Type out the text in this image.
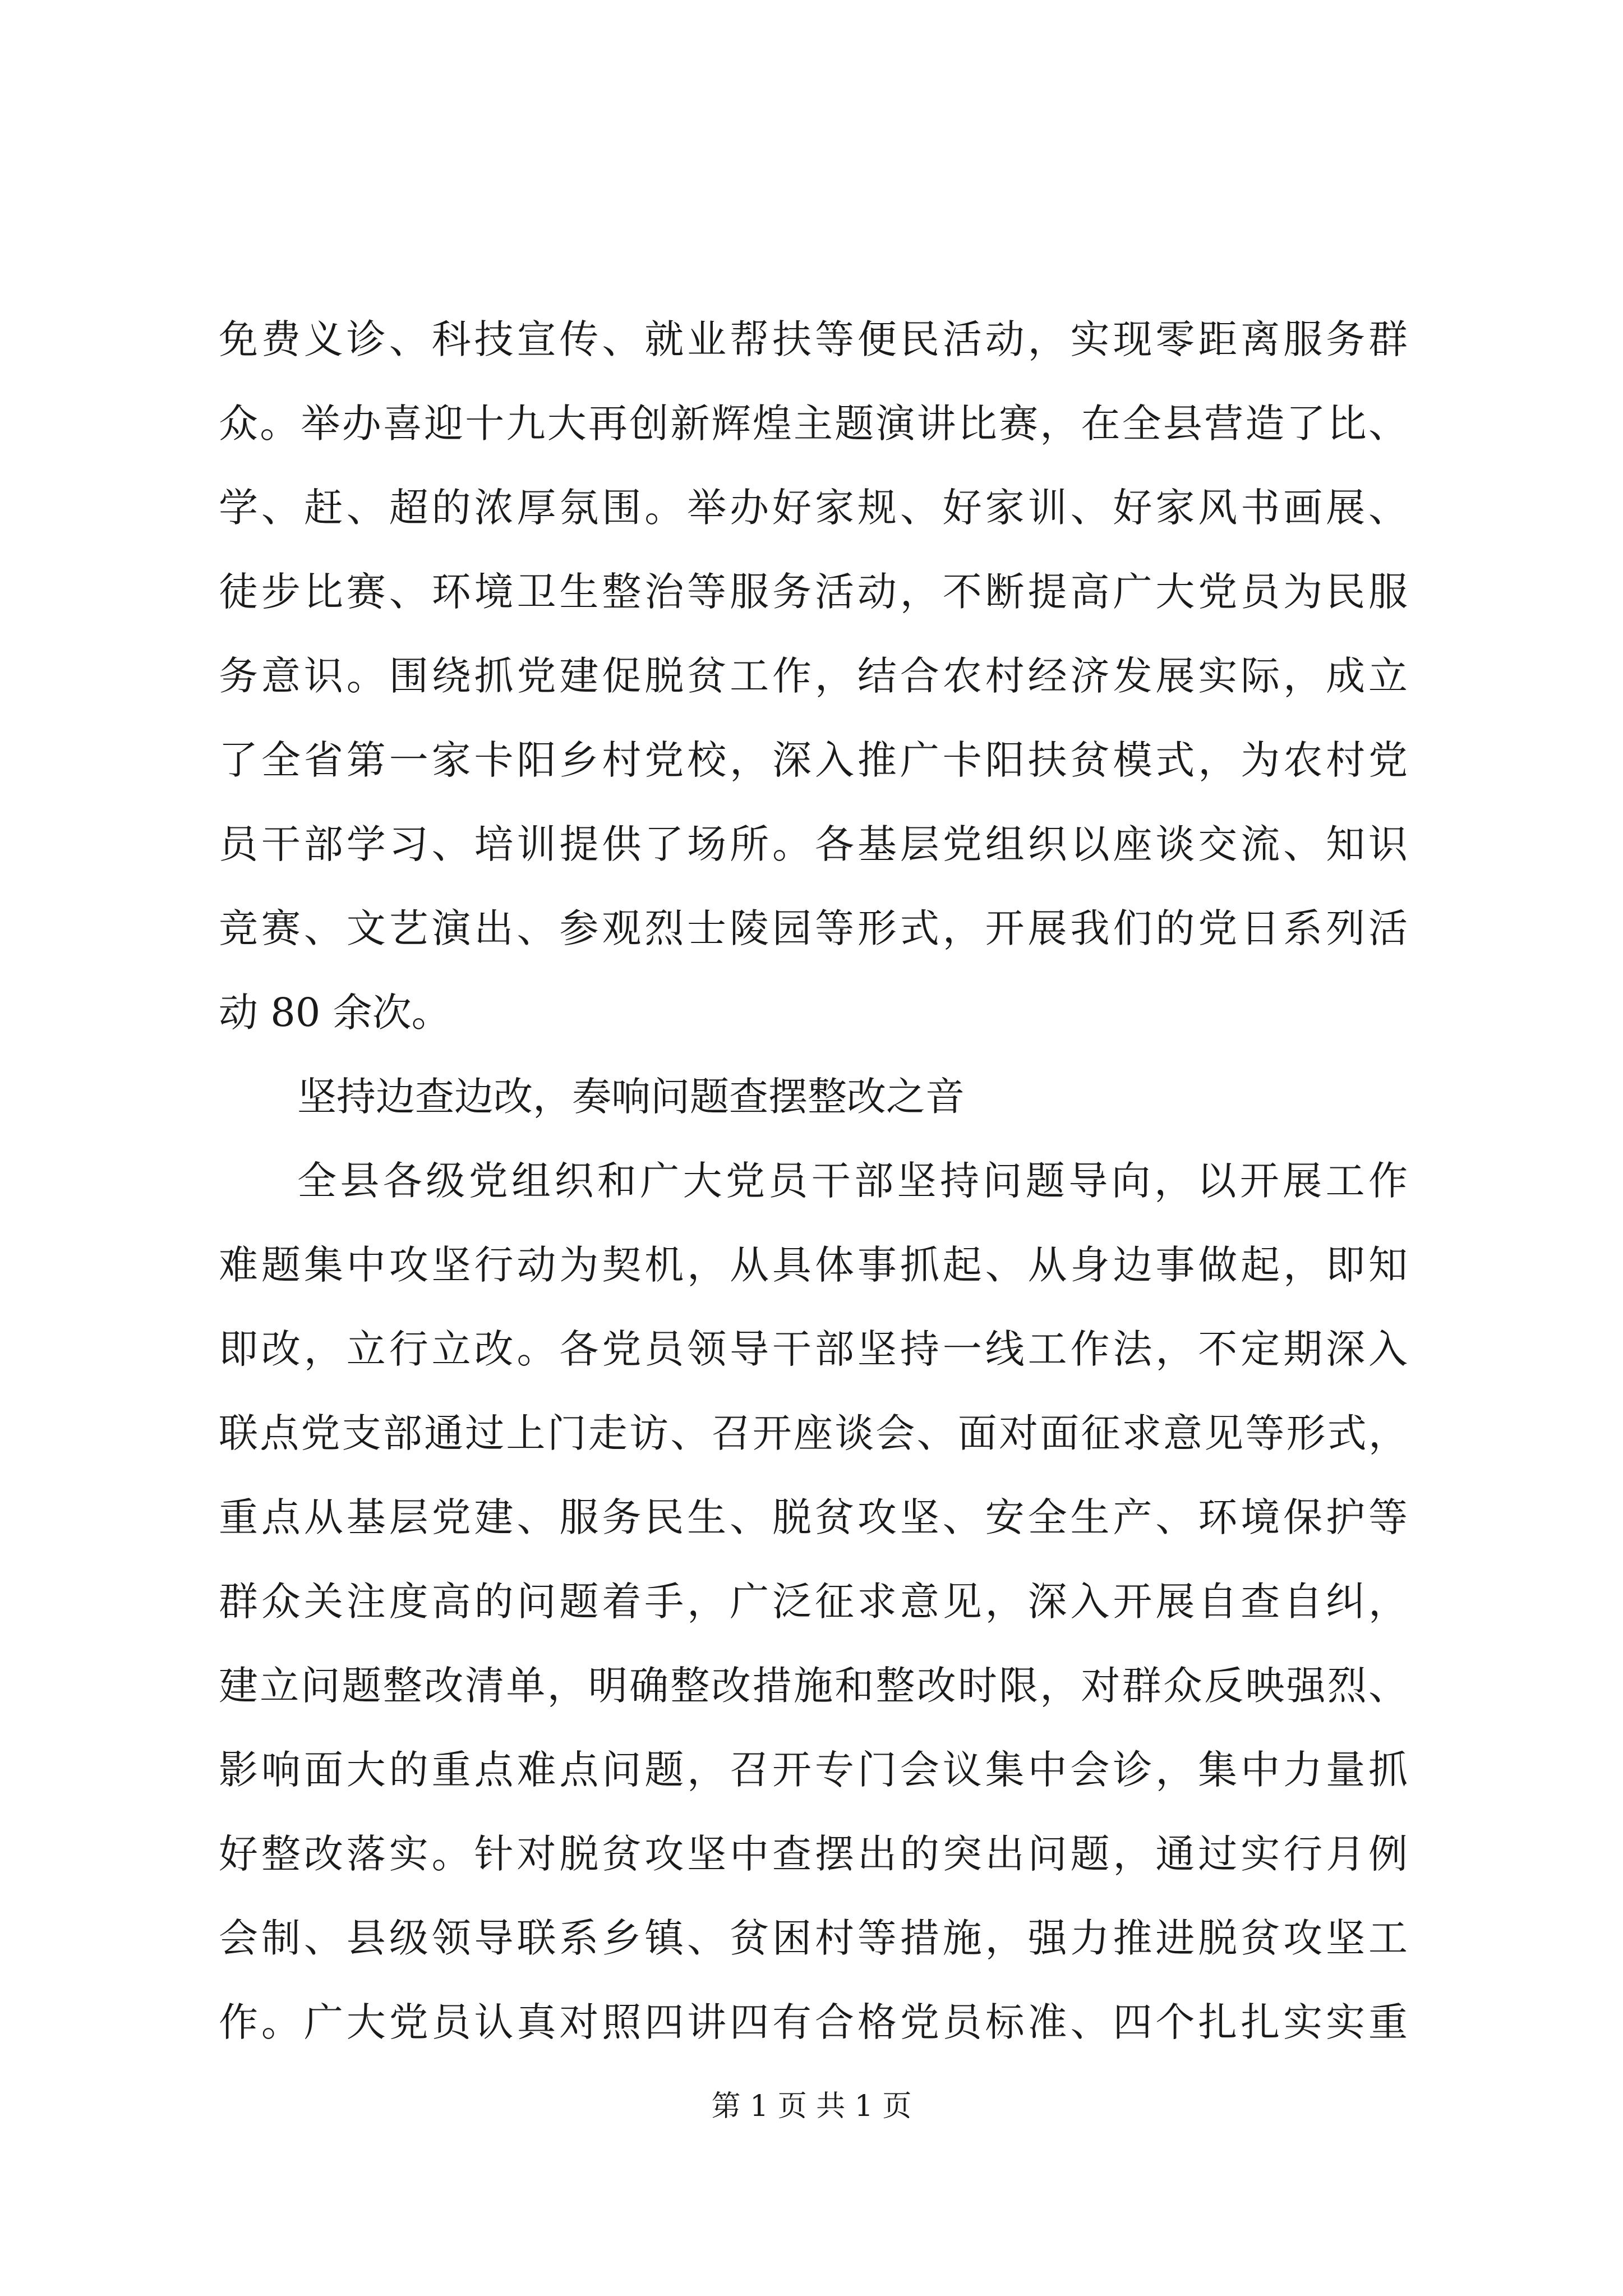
免费义诊、科技宣传、就业帮扶等便民活动，实现零距离服务群
众。举办喜迎十九大再创新辉煌主题演讲比赛，在全县营造了比、
学、赶、超的浓厚氛围。举办好家规、好家训、好家风书画展、
徒步比赛、环境卫生整治等服务活动，不断提高广大党员为民服
务意识。围绕抓党建促脱贫工作，结合农村经济发展实际，成立
了全省第一家卡阳乡村党校，深入推广卡阳扶贫模式，为农村党
员干部学习、培训提供了场所。各基层党组织以座谈交流、知识
竞赛、文艺演出、参观烈士陵园等形式，开展我们的党日系列活
动 80 余次。
坚持边查边改，奏响问题查摆整改之音
全县各级党组织和广大党员干部坚持问题导向，以开展工作
难题集中攻坚行动为契机，从具体事抓起、从身边事做起，即知
即改，立行立改。各党员领导干部坚持一线工作法，不定期深入
联点党支部通过上门走访、召开座谈会、面对面征求意见等形式，
重点从基层党建、服务民生、脱贫攻坚、安全生产、环境保护等
群众关注度高的问题着手，广泛征求意见，深入开展自查自纠，
建立问题整改清单，明确整改措施和整改时限，对群众反映强烈、
影响面大的重点难点问题，召开专门会议集中会诊，集中力量抓
好整改落实。针对脱贫攻坚中查摆出的突出问题，通过实行月例
会制、县级领导联系乡镇、贫困村等措施，强力推进脱贫攻坚工
作。广大党员认真对照四讲四有合格党员标准、四个扎扎实实重
第 1 页 共 1 页
